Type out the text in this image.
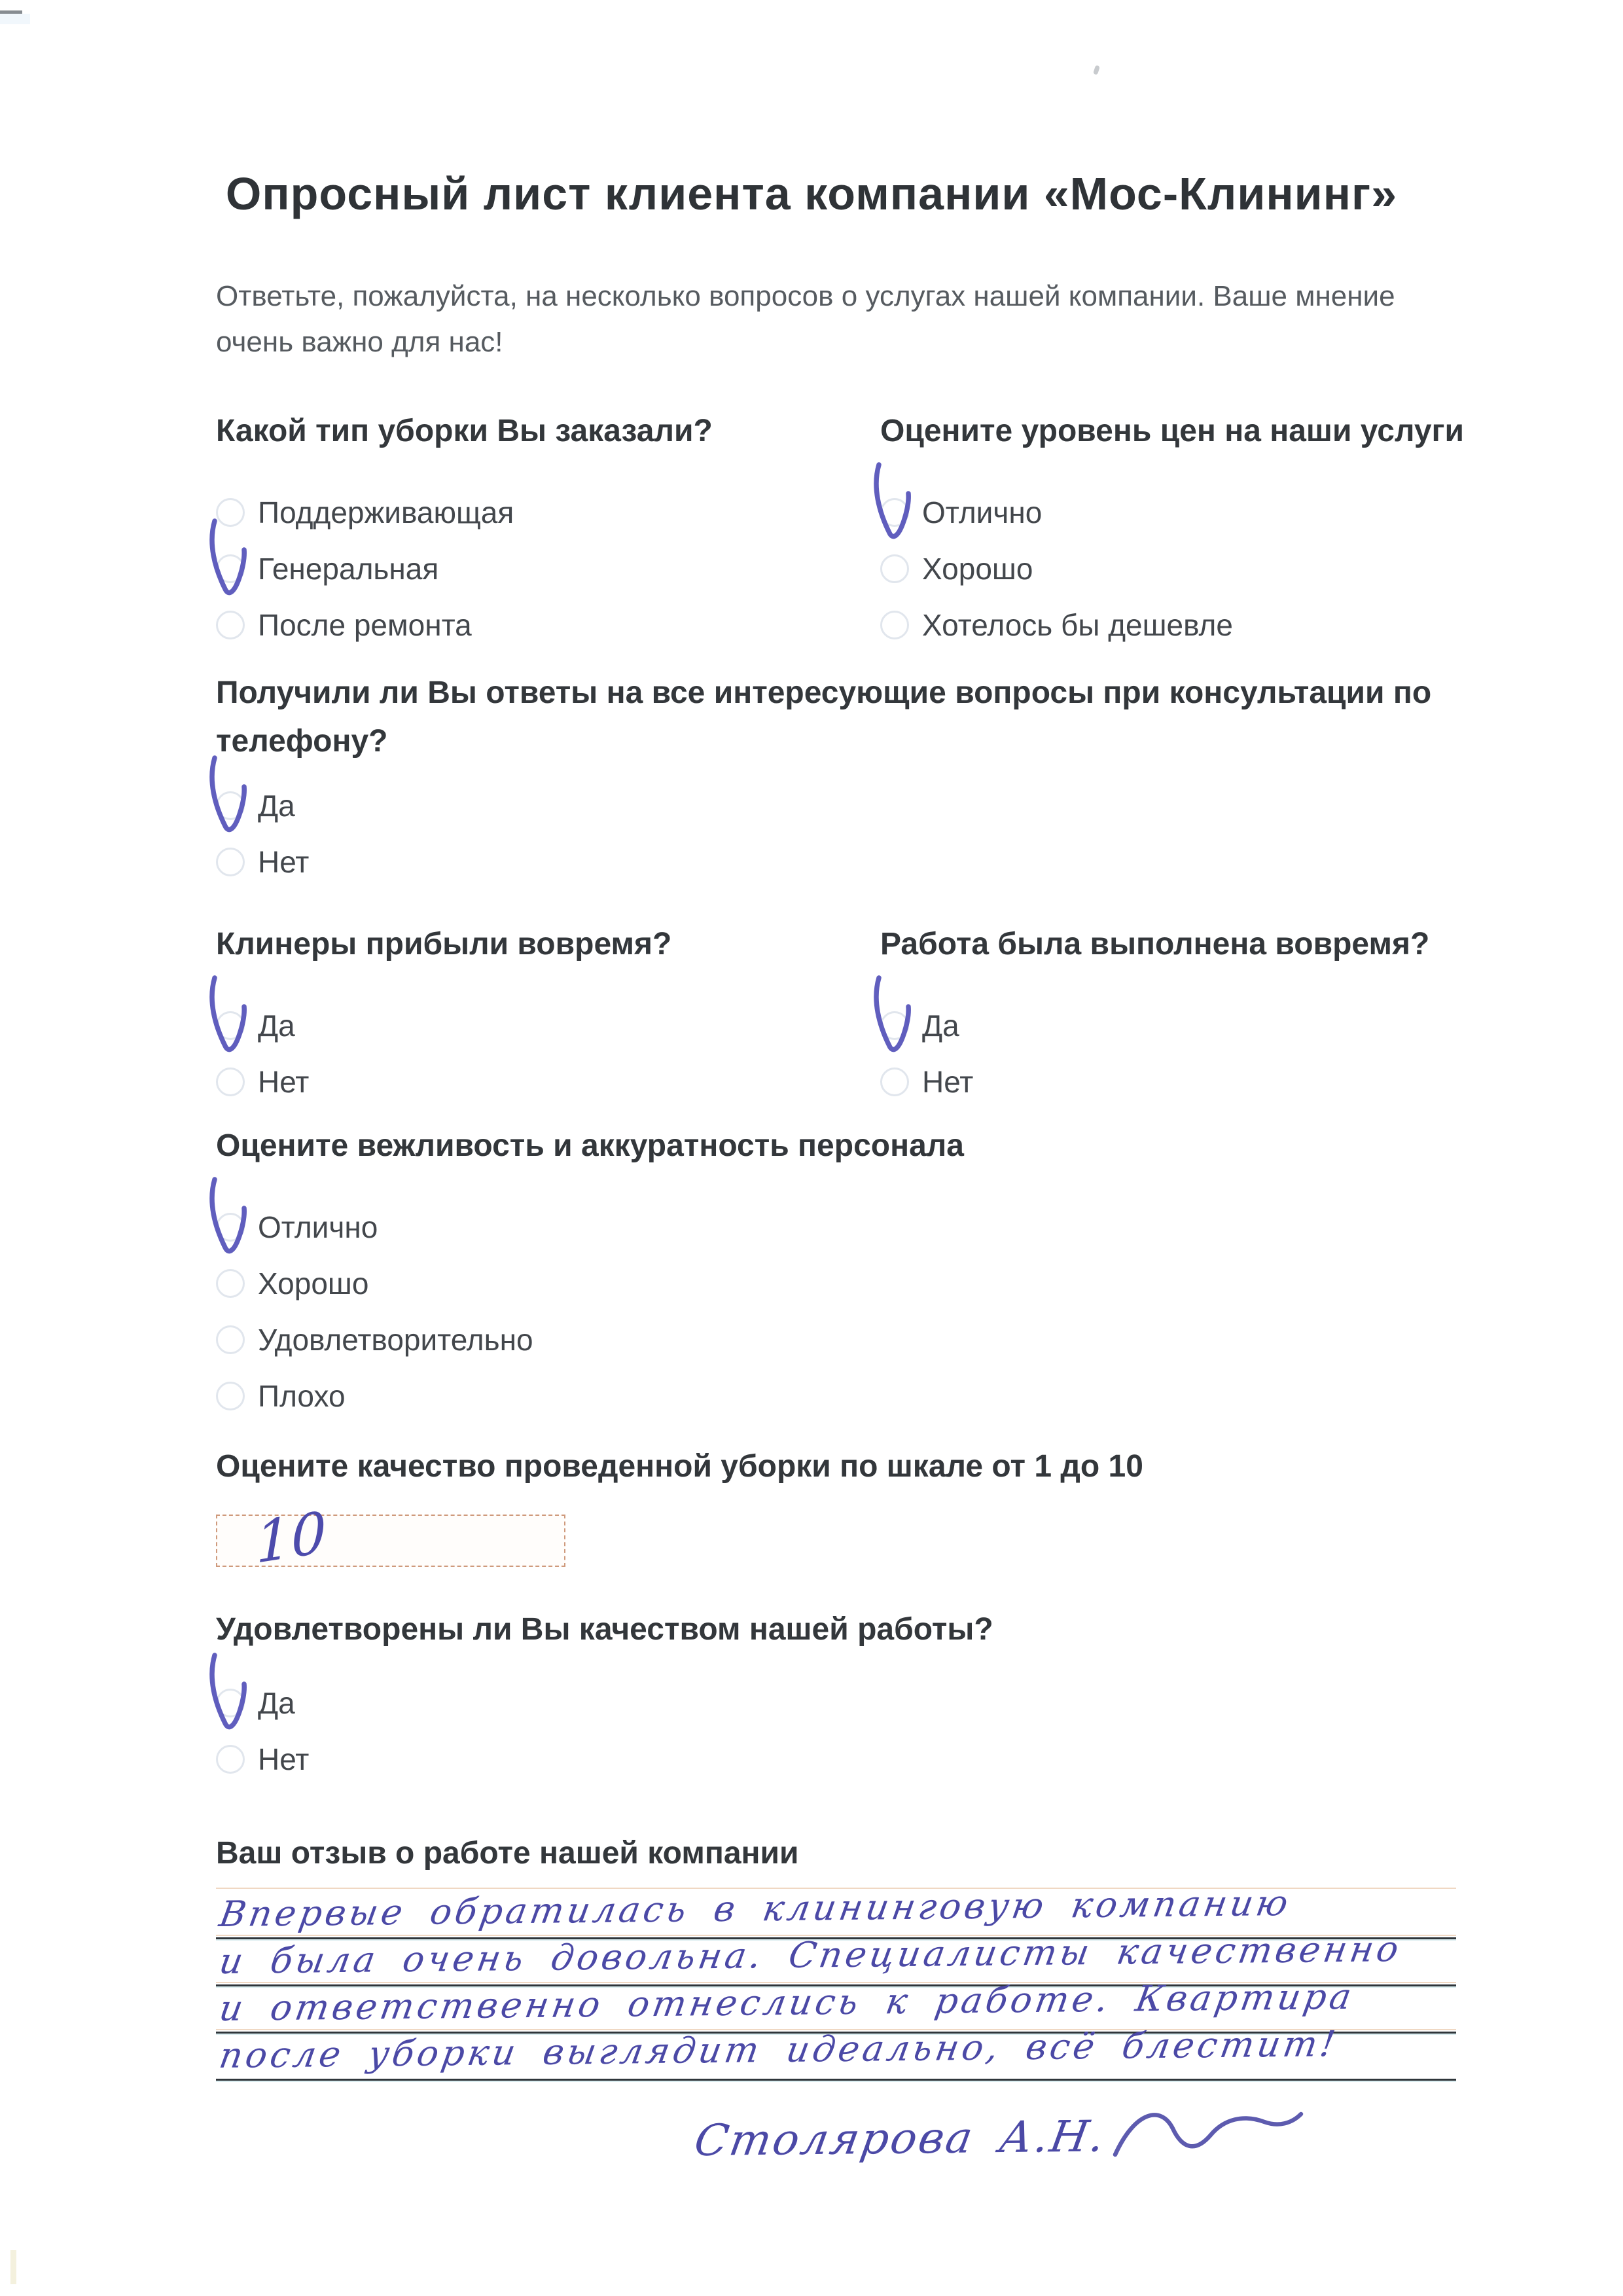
Опросный лист клиента компании «Мос-Клининг»

Ответьте, пожалуйста, на несколько вопросов о услугах нашей компании. Ваше мнение очень важно для нас!

Какой тип уборки Вы заказали?
Поддерживающая
Генеральная
После ремонта
Оцените уровень цен на наши услуги
Отлично
Хорошо
Хотелось бы дешевле
Получили ли Вы ответы на все интересующие вопросы при консультации по телефону?
Да
Нет
Клинеры прибыли вовремя?
Да
Нет
Работа была выполнена вовремя?
Да
Нет
Оцените вежливость и аккуратность персонала
Отлично
Хорошо
Удовлетворительно
Плохо
Оцените качество проведенной уборки по шкале от 1 до 10
10
Удовлетворены ли Вы качеством нашей работы?
Да
Нет
Ваш отзыв о работе нашей компании
Впервые обратилась в клининговую компанию
и была очень довольна. Специалисты качественно
и ответственно отнеслись к работе. Квартира
после уборки выглядит идеально, всё блестит!
Столярова А.Н.
